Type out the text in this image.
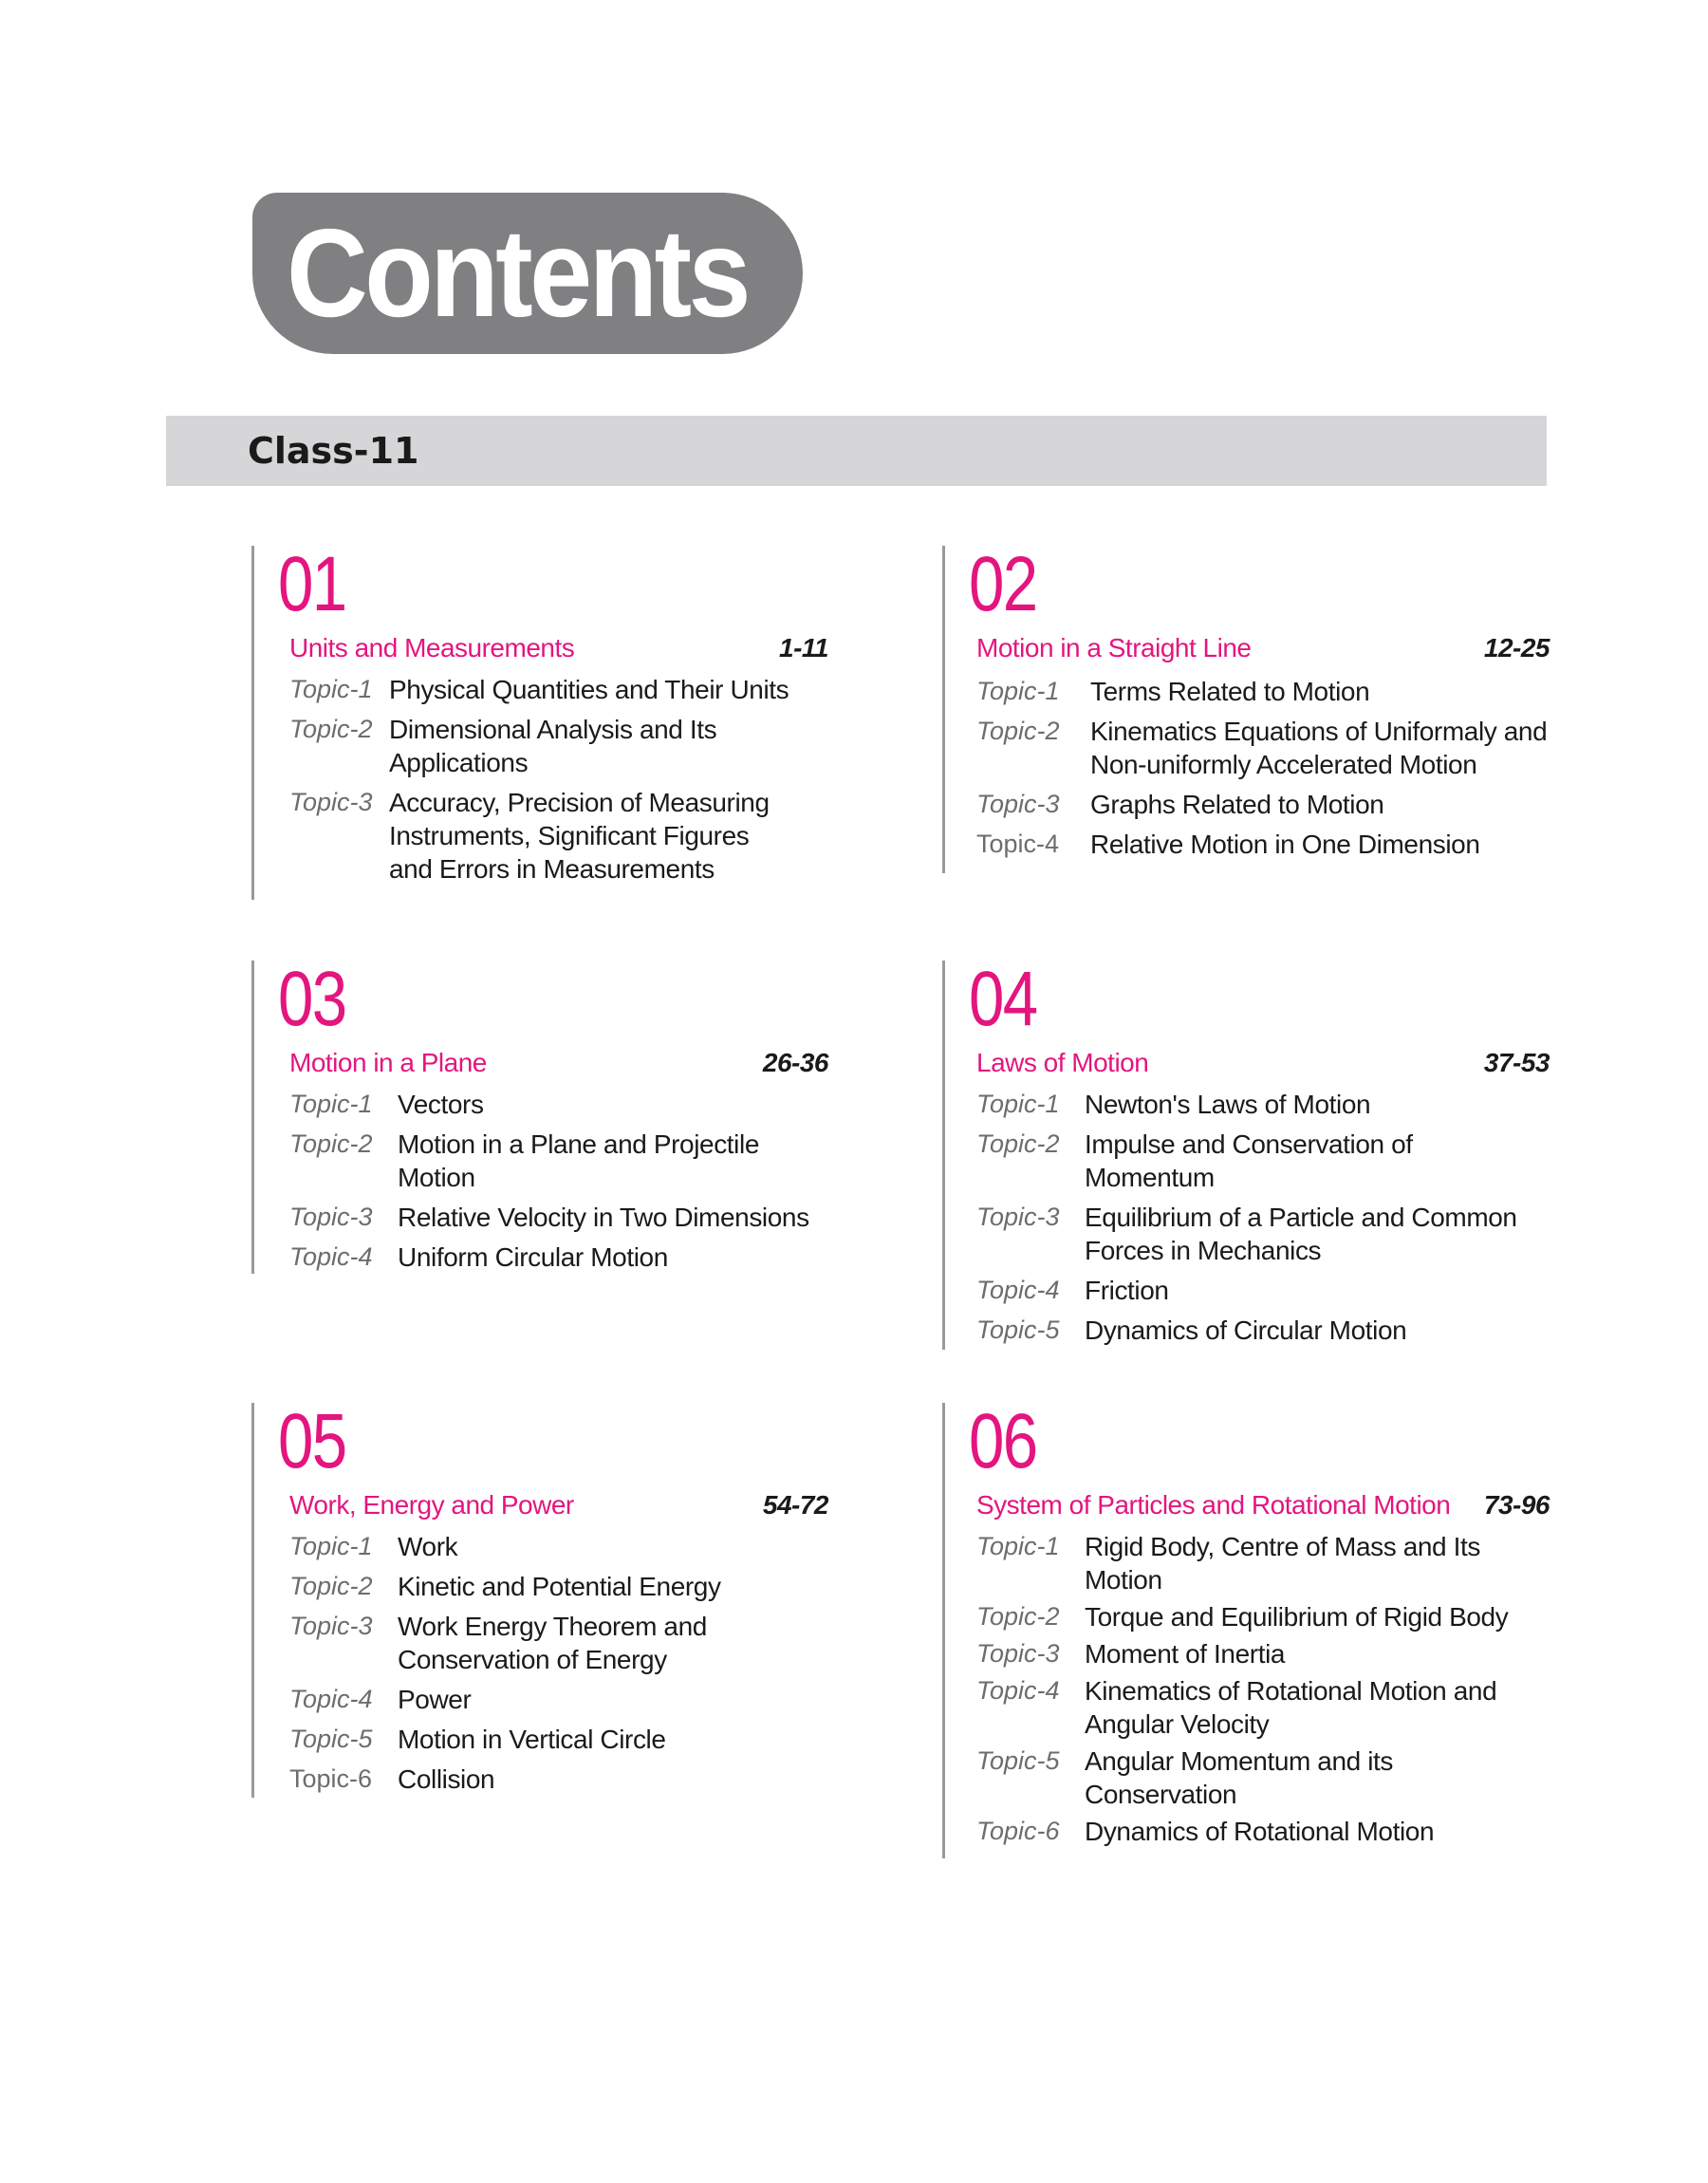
Contents
Class-11
01
Units and Measurements	1-11
Topic-1 Physical Quantities and Their Units
Topic-2 Dimensional Analysis and Its Applications
Topic-3 Accuracy, Precision of Measuring Instruments, Significant Figures and Errors in Measurements
02
Motion in a Straight Line	12-25
Topic-1	Terms Related to Motion
Topic-2	Kinematics Equations of Uniformaly and Non-uniformly Accelerated Motion
Topic-3	Graphs Related to Motion
Topic-4	Relative Motion in One Dimension
03
Motion in a Plane	26-36
Topic-1 Vectors
Topic-2 Motion in a Plane and Projectile Motion
Topic-3 Relative Velocity in Two Dimensions
Topic-4 Uniform Circular Motion
04
Laws of Motion	37-53
Topic-1 Newton's Laws of Motion
Topic-2 Impulse and Conservation of Momentum
Topic-3 Equilibrium of a Particle and Common Forces in Mechanics
Topic-4 Friction
Topic-5 Dynamics of Circular Motion
05
Work, Energy and Power	54-72
Topic-1 Work
Topic-2 Kinetic and Potential Energy
Topic-3 Work Energy Theorem and Conservation of Energy
Topic-4 Power
Topic-5 Motion in Vertical Circle
Topic-6 Collision
06
System of Particles and Rotational Motion 73-96
Topic-1 Rigid Body, Centre of Mass and Its Motion
Topic-2 Torque and Equilibrium of Rigid Body
Topic-3 Moment of Inertia
Topic-4 Kinematics of Rotational Motion and Angular Velocity
Topic-5 Angular Momentum and its Conservation
Topic-6 Dynamics of Rotational Motion
